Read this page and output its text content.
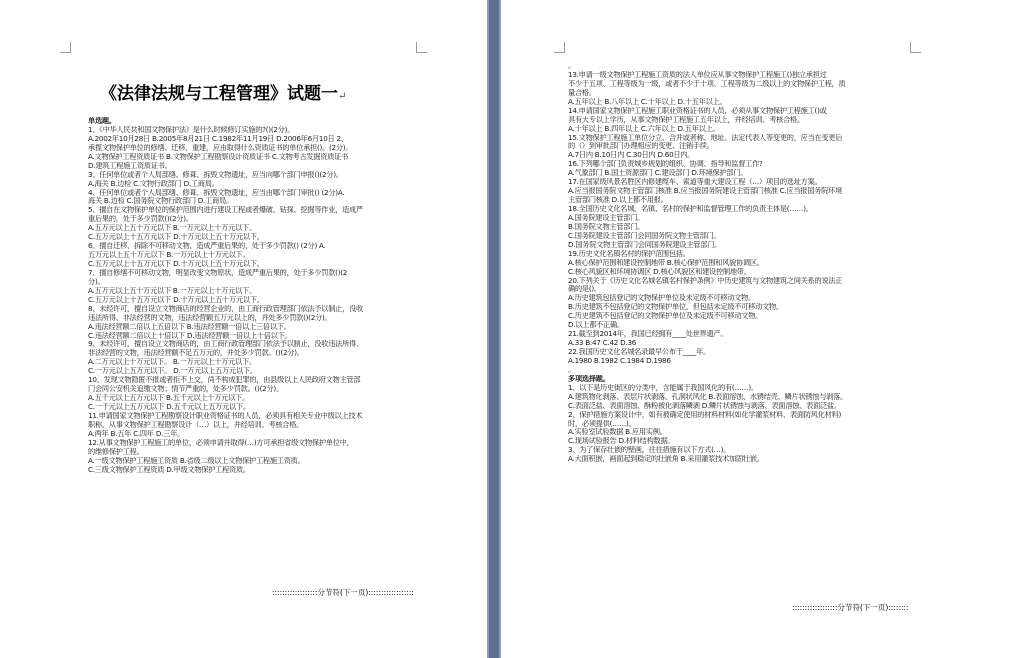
《法律法规与工程管理》试题一↵
单选题。
1、《中华人民共和国文物保护法》是什么时候修订实施的?()(2分)。
A.2002年10月28日 B.2005年8月21日 C.1982年11月19日 D.2006年6月10日 2、
承揽文物保护单位的修缮、迁移、重建，应由取得什么资质证书的单位承担()。(2分)。
A.文物保护工程资质证书 B.文物保护工程勘察设计资质证书 C.文物考古发掘资质证书
D.建筑工程施工资质证书。
3、任何单位或者个人局部缮、修葺、拆毁文物遗址，应当向哪个部门申报()(2分)。
A.海关 B.边检 C.文物行政部门 D.工商局。
4、任何单位或者个人局部缮、修葺、拆毁文物遗址，应当由哪个部门审批() (2分)A.
海关 B.边检 C.国务院文物行政部门 D.工商局。
5、擅自在文物保护单位的保护范围内进行建设工程或者爆破、钻探、挖掘等作业，造成严
重后果的，处于多少罚款()(2分)。
A.五万元以上五十万元以下 B.一万元以上十万元以下。
C.五万元以上十五万元以下 D.十万元以上五十万元以下。
6、擅自迁移、拆除不可移动文物，造成严重后果的，处于多少罚款() (2分) A.
五万元以上五十万元以下 B.一万元以上十万元以下。
C.五万元以上十五万元以下 D.十万元以上五十万元以下。
7、擅自修缮不可移动文物，明显改变文物原状，造成严重后果的，处于多少罚款()(2
分)。
A.五万元以上五十万元以下 B.一万元以上十万元以下。
C.五万元以上十五万元以下 D.十万元以上五十万元以下。
8、未经许可，擅自设立文物商店的经营企业的，由工商行政管理部门依法予以制止，没收
违法所得、非法经营的文物，违法经营额五万元以上的，并处多少罚款()(2分)。
A.违法经营额二倍以上五倍以下 B.违法经营额一倍以上三倍以下。
C.违法经营额二倍以上十倍以下 D.违法经营额一倍以上十倍以下。
9、未经许可，擅自设立文物商店的，由工商行政管理部门依法予以制止，没收违法所得、
非法经营的文物，违法经营额不足五万元的，并处多少罚款。()(2分)。
A.二万元以上十万元以下。 B.一万元以上十万元以下。
C.一万元以上五万元以下。 D.一万元以上五万元以下。
10、发现文物隐匿不报或者拒不上交，尚不构成犯罪的，由县级以上人民政府文物主管部
门会同公安机关追缴文物；情节严重的，处多少罚款。()(2分)。
A.五千元以上五万元以下 B.五千元以上十万元以下。
C.一千元以上五万元以下 D.五千元以上五万元以下。
11.申请国家文物保护工程勘察设计职业资格证书的人员，必须具有相关专业中级以上技术
职称，从事文物保护工程勘察设计（…）以上，并经培训、考核合格。
A.两年 B.五年 C.四年 D.三年。
12.从事文物保护工程施工的单位，必须申请并取得(…)方可承担省级文物保护单位中，
的维修保护工程。
A.一级文物保护工程施工资质 B.省级二级以上文物保护工程施工资质。
C.三级文物保护工程资质 D.甲级文物保护工程资质。
::::::::::::::::::分节符(下一页)::::::::::::::::::
。
13.申请一级文物保护工程施工资质的法人单位应从事文物保护工程施工()独立承担过
不少于五项、工程等级为一级，或者不少于十项、工程等级为二级以上的文物保护工程，质
量合格。
A.五年以上 B.八年以上 C.十年以上 D.十五年以上。
14.申请国家文物保护工程施工职业资格证书的人员，必须从事文物保护工程施工()或
具有大专以上学历，从事文物保护工程施工五年以上，并经培训、考核合格。
A.十年以上 B.四年以上 C.六年以上 D.五年以上。
15.文物保护工程施工单位分立、合并或者称、地址、法定代表人等变更的，应当在变更后
的（）到审批部门办理相应的变更、注销手续。
A.7日内 B.10日内 C.30日内 D.60日内。
16.下列哪个部门负责城乡规划的组织、协调、指导和监督工作?
A.气象部门 B.国土资源部门 C.建设部门 D.环境保护部门。
17.在国家级风景名胜区内修建缆车、索道等重大建设工程（…）项目的选址方案。
A.应当报国务院文物主管部门核准 B.应当报国务院建设主管部门核准 C.应当报国务院环境
主管部门核准 D.以上都不用报。
18.全国历史文化名城、名镇、名村的保护和监督管理工作的负责主体是(……)。
A.国务院建设主管部门。
B.国务院文物主管部门。
C.国务院建设主管部门会同国务院文物主管部门。
D.国务院文物主管部门会同国务院建设主管部门。
19.历史文化名镇名村的保护范围包括。
A.核心保护范围和建设控制地带 B.核心保护范围和风貌协调区。
C.核心风貌区和环境协调区 D.核心风貌区和建设控制地带。
20.下列关于《历史文化名城名镇名村保护条例》中历史建筑与文物建筑之间关系的说法正
确的是()。
A.历史建筑包括登记的文物保护单位及未定级不可移动文物。
B.历史建筑不包括登记的文物保护单位，但包括未定级不可移动文物。
C.历史建筑不包括登记的文物保护单位及未定级不可移动文物。
D.以上都不正确。
21.截至到2014年，我国已经拥有____处世界遗产。
A.33 B.47 C.42 D.36
22.我国历史文化名城名录最早公布于____年。
A.1980 B.1982 C.1984 D.1986
。
多项选择题。
1、以下是历史街区的分类中，含能属于我国风化的有(……)。
A.建筑物化剥落、表层片状剥落、孔洞状风化 B.表面溶蚀、水锈结壳、鳞片状锈蚀与剥落。
C.表面泛盐、表面溶蚀、酥粉被化剥落鳞剥 D.鳞片状锈蚀与剥落、表面溶蚀、表面泛盐。
2、保护措施方案设计中，如有被确定使用的材料材料(如化学灌浆材料、表面防风化材料)
时，必须提供(……)。
A.实验室试验数据 B.应用实例。
C.现场试验报告 D.材料结构数据。
3、为了保存壮嵌的壁画，往往措施有以下方式(…)。
A.大面积嵌，画面起到稳定的壮嵌角 B.采用灌浆技术加固壮嵌。
::::::::::::::::::分节符(下一页)::::::::
